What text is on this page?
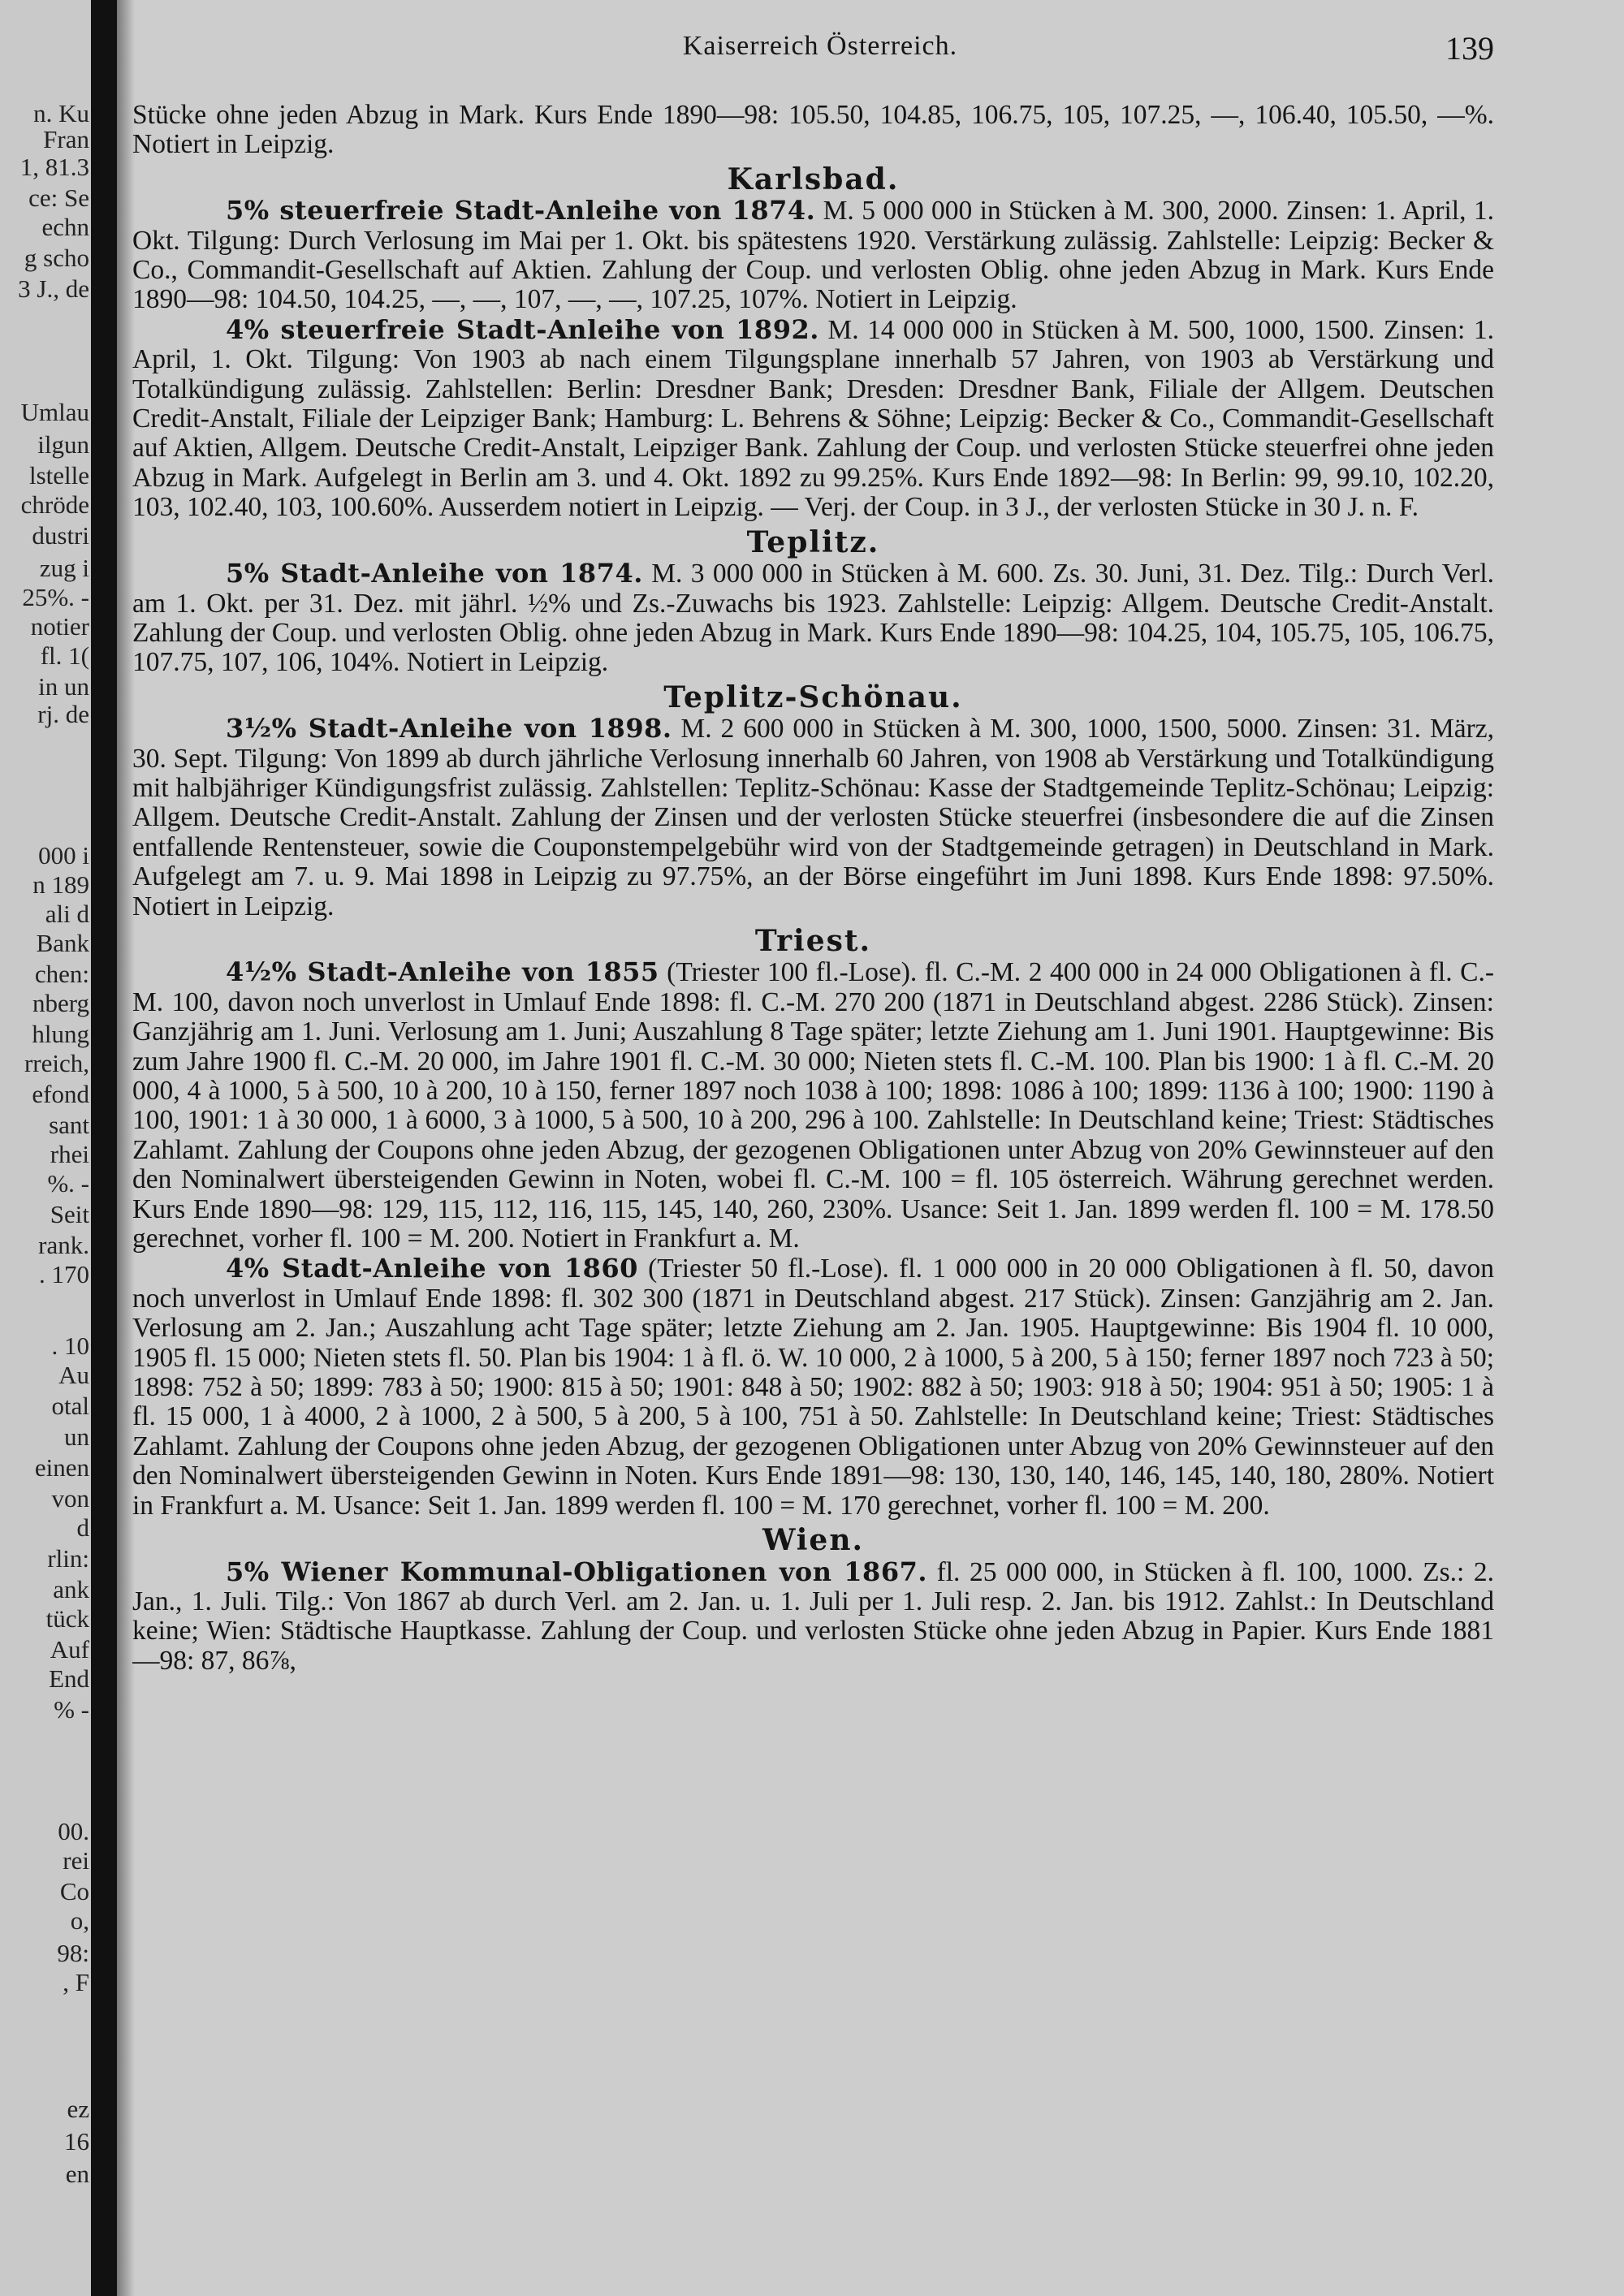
n. Ku
Fran
1, 81.3
ce: Se
echn
g scho
3 J., de
Umlau
ilgun
lstelle
chröde
dustri
zug i
25%. -
notier
fl. 1(
in un
rj. de
000 i
n 189
ali d
Bank
chen:
nberg
hlung
rreich,
efond
sant
rhei
%. -
Seit
rank.
. 170
. 10
Au
otal
un
einen
von
d
rlin:
ank
tück
Auf
End
% -
00.
rei
Co
o,
98:
, F
ez
16
en
Kaiserreich Österreich.	139

Stücke ohne jeden Abzug in Mark. Kurs Ende 1890—98: 105.50, 104.85, 106.75, 105, 107.25, —, 106.40, 105.50, —%. Notiert in Leipzig.

Karlsbad.

5% steuerfreie Stadt-Anleihe von 1874. M. 5 000 000 in Stücken à M. 300, 2000. Zinsen: 1. April, 1. Okt. Tilgung: Durch Verlosung im Mai per 1. Okt. bis spätestens 1920. Verstärkung zulässig. Zahlstelle: Leipzig: Becker & Co., Commandit-Gesellschaft auf Aktien. Zahlung der Coup. und verlosten Oblig. ohne jeden Abzug in Mark. Kurs Ende 1890—98: 104.50, 104.25, —, —, 107, —, —, 107.25, 107%. Notiert in Leipzig.

4% steuerfreie Stadt-Anleihe von 1892. M. 14 000 000 in Stücken à M. 500, 1000, 1500. Zinsen: 1. April, 1. Okt. Tilgung: Von 1903 ab nach einem Tilgungsplane innerhalb 57 Jahren, von 1903 ab Verstärkung und Totalkündigung zulässig. Zahlstellen: Berlin: Dresdner Bank; Dresden: Dresdner Bank, Filiale der Allgem. Deutschen Credit-Anstalt, Filiale der Leipziger Bank; Hamburg: L. Behrens & Söhne; Leipzig: Becker & Co., Commandit-Gesellschaft auf Aktien, Allgem. Deutsche Credit-Anstalt, Leipziger Bank. Zahlung der Coup. und verlosten Stücke steuerfrei ohne jeden Abzug in Mark. Aufgelegt in Berlin am 3. und 4. Okt. 1892 zu 99.25%. Kurs Ende 1892—98: In Berlin: 99, 99.10, 102.20, 103, 102.40, 103, 100.60%. Ausserdem notiert in Leipzig. — Verj. der Coup. in 3 J., der verlosten Stücke in 30 J. n. F.

Teplitz.

5% Stadt-Anleihe von 1874. M. 3 000 000 in Stücken à M. 600. Zs. 30. Juni, 31. Dez. Tilg.: Durch Verl. am 1. Okt. per 31. Dez. mit jährl. ½% und Zs.-Zuwachs bis 1923. Zahlstelle: Leipzig: Allgem. Deutsche Credit-Anstalt. Zahlung der Coup. und verlosten Oblig. ohne jeden Abzug in Mark. Kurs Ende 1890—98: 104.25, 104, 105.75, 105, 106.75, 107.75, 107, 106, 104%. Notiert in Leipzig.

Teplitz-Schönau.

3½% Stadt-Anleihe von 1898. M. 2 600 000 in Stücken à M. 300, 1000, 1500, 5000. Zinsen: 31. März, 30. Sept. Tilgung: Von 1899 ab durch jährliche Verlosung innerhalb 60 Jahren, von 1908 ab Verstärkung und Totalkündigung mit halbjähriger Kündigungsfrist zulässig. Zahlstellen: Teplitz-Schönau: Kasse der Stadtgemeinde Teplitz-Schönau; Leipzig: Allgem. Deutsche Credit-Anstalt. Zahlung der Zinsen und der verlosten Stücke steuerfrei (insbesondere die auf die Zinsen entfallende Rentensteuer, sowie die Couponstempelgebühr wird von der Stadtgemeinde getragen) in Deutschland in Mark. Aufgelegt am 7. u. 9. Mai 1898 in Leipzig zu 97.75%, an der Börse eingeführt im Juni 1898. Kurs Ende 1898: 97.50%. Notiert in Leipzig.

Triest.

4½% Stadt-Anleihe von 1855 (Triester 100 fl.-Lose). fl. C.-M. 2 400 000 in 24 000 Obligationen à fl. C.-M. 100, davon noch unverlost in Umlauf Ende 1898: fl. C.-M. 270 200 (1871 in Deutschland abgest. 2286 Stück). Zinsen: Ganzjährig am 1. Juni. Verlosung am 1. Juni; Auszahlung 8 Tage später; letzte Ziehung am 1. Juni 1901. Hauptgewinne: Bis zum Jahre 1900 fl. C.-M. 20 000, im Jahre 1901 fl. C.-M. 30 000; Nieten stets fl. C.-M. 100. Plan bis 1900: 1 à fl. C.-M. 20 000, 4 à 1000, 5 à 500, 10 à 200, 10 à 150, ferner 1897 noch 1038 à 100; 1898: 1086 à 100; 1899: 1136 à 100; 1900: 1190 à 100, 1901: 1 à 30 000, 1 à 6000, 3 à 1000, 5 à 500, 10 à 200, 296 à 100. Zahlstelle: In Deutschland keine; Triest: Städtisches Zahlamt. Zahlung der Coupons ohne jeden Abzug, der gezogenen Obligationen unter Abzug von 20% Gewinnsteuer auf den den Nominalwert übersteigenden Gewinn in Noten, wobei fl. C.-M. 100 = fl. 105 österreich. Währung gerechnet werden. Kurs Ende 1890—98: 129, 115, 112, 116, 115, 145, 140, 260, 230%. Usance: Seit 1. Jan. 1899 werden fl. 100 = M. 178.50 gerechnet, vorher fl. 100 = M. 200. Notiert in Frankfurt a. M.

4% Stadt-Anleihe von 1860 (Triester 50 fl.-Lose). fl. 1 000 000 in 20 000 Obligationen à fl. 50, davon noch unverlost in Umlauf Ende 1898: fl. 302 300 (1871 in Deutschland abgest. 217 Stück). Zinsen: Ganzjährig am 2. Jan. Verlosung am 2. Jan.; Auszahlung acht Tage später; letzte Ziehung am 2. Jan. 1905. Hauptgewinne: Bis 1904 fl. 10 000, 1905 fl. 15 000; Nieten stets fl. 50. Plan bis 1904: 1 à fl. ö. W. 10 000, 2 à 1000, 5 à 200, 5 à 150; ferner 1897 noch 723 à 50; 1898: 752 à 50; 1899: 783 à 50; 1900: 815 à 50; 1901: 848 à 50; 1902: 882 à 50; 1903: 918 à 50; 1904: 951 à 50; 1905: 1 à fl. 15 000, 1 à 4000, 2 à 1000, 2 à 500, 5 à 200, 5 à 100, 751 à 50. Zahlstelle: In Deutschland keine; Triest: Städtisches Zahlamt. Zahlung der Coupons ohne jeden Abzug, der gezogenen Obligationen unter Abzug von 20% Gewinnsteuer auf den den Nominalwert übersteigenden Gewinn in Noten. Kurs Ende 1891—98: 130, 130, 140, 146, 145, 140, 180, 280%. Notiert in Frankfurt a. M. Usance: Seit 1. Jan. 1899 werden fl. 100 = M. 170 gerechnet, vorher fl. 100 = M. 200.

Wien.

5% Wiener Kommunal-Obligationen von 1867. fl. 25 000 000, in Stücken à fl. 100, 1000. Zs.: 2. Jan., 1. Juli. Tilg.: Von 1867 ab durch Verl. am 2. Jan. u. 1. Juli per 1. Juli resp. 2. Jan. bis 1912. Zahlst.: In Deutschland keine; Wien: Städtische Hauptkasse. Zahlung der Coup. und verlosten Stücke ohne jeden Abzug in Papier. Kurs Ende 1881—98: 87, 86⅞,
